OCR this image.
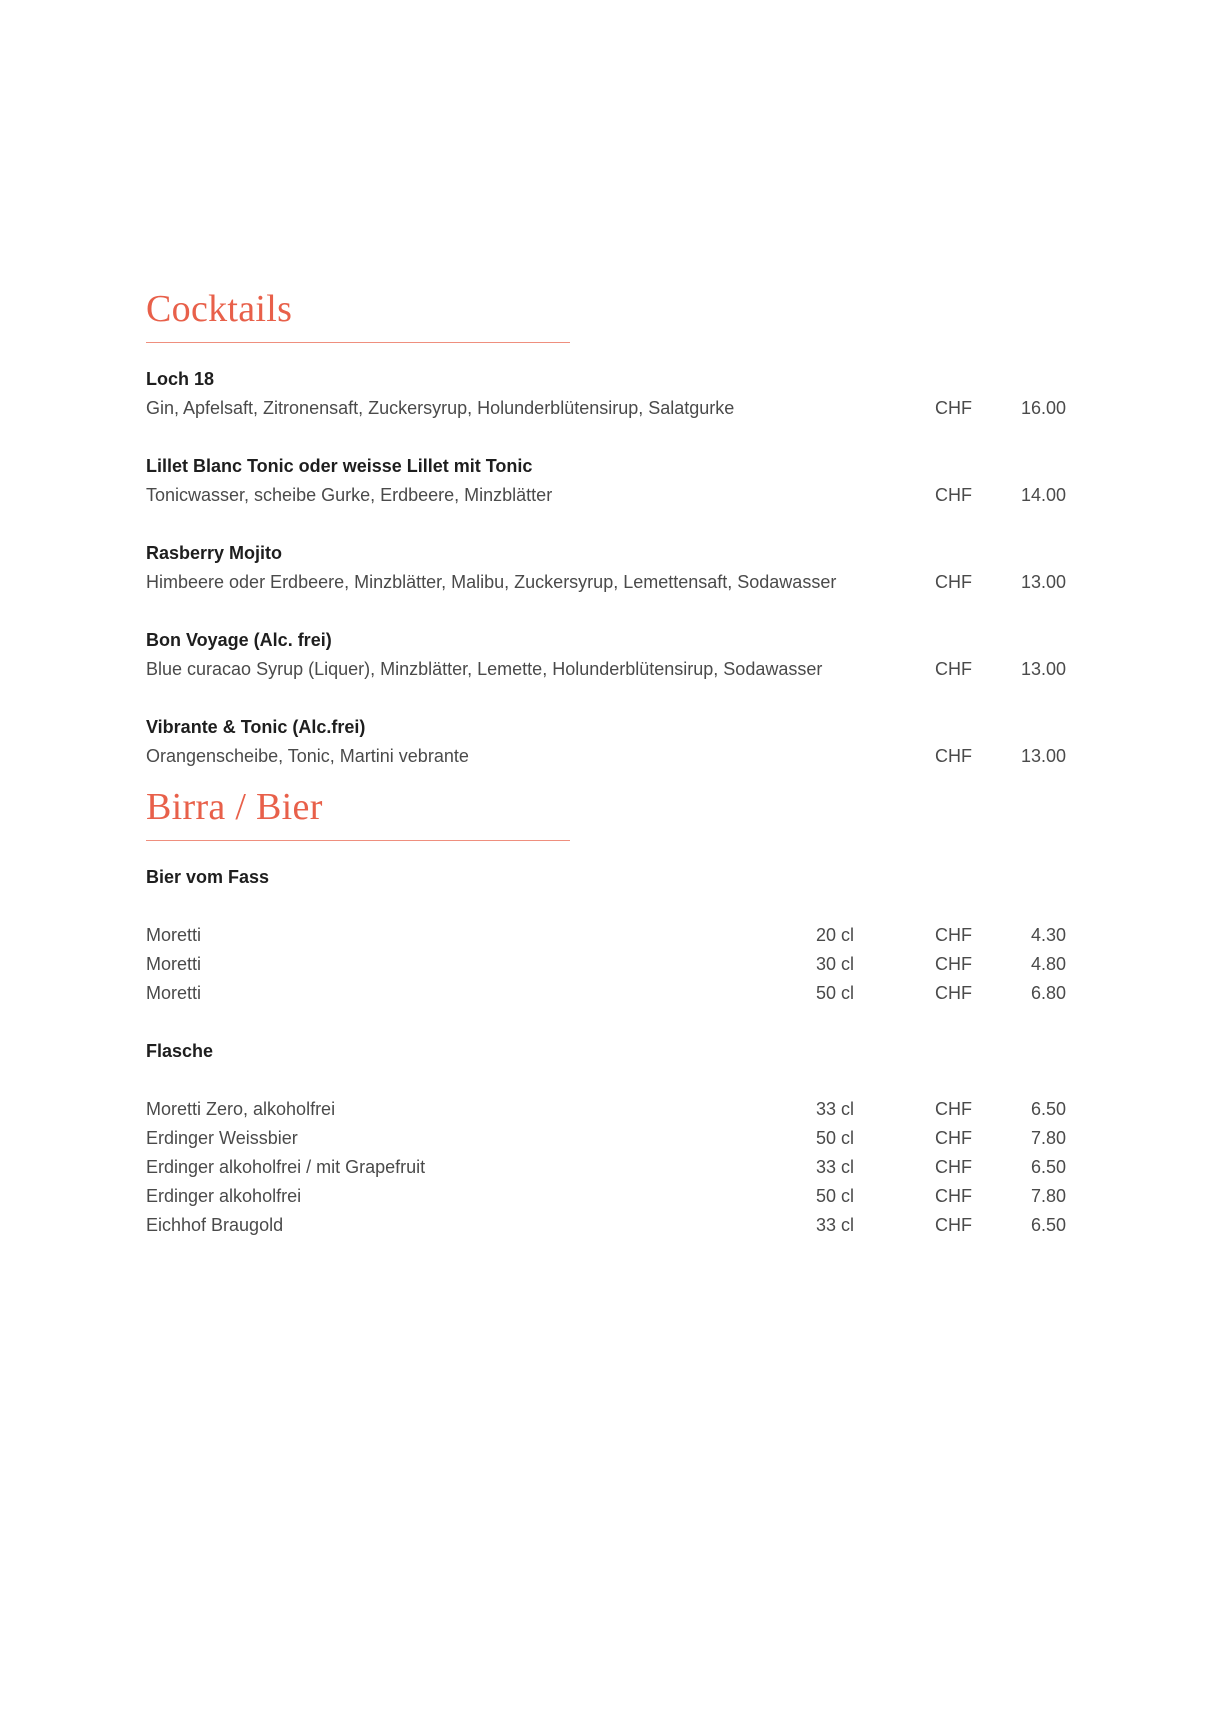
Cocktails
Loch 18
Gin, Apfelsaft, Zitronensaft, Zuckersyrup, Holunderblütensirup, Salatgurke	CHF	16.00
Lillet Blanc Tonic oder weisse Lillet mit Tonic
Tonicwasser, scheibe Gurke, Erdbeere, Minzblätter	CHF	14.00
Rasberry Mojito
Himbeere oder Erdbeere, Minzblätter, Malibu, Zuckersyrup, Lemettensaft, Sodawasser	CHF	13.00
Bon Voyage (Alc. frei)
Blue curacao Syrup (Liquer), Minzblätter, Lemette, Holunderblütensirup, Sodawasser	CHF	13.00
Vibrante & Tonic (Alc.frei)
Orangenscheibe, Tonic, Martini vebrante	CHF	13.00
Birra / Bier
Bier vom Fass
Moretti	20 cl	CHF	4.30
Moretti	30 cl	CHF	4.80
Moretti	50 cl	CHF	6.80
Flasche
Moretti Zero, alkoholfrei	33 cl	CHF	6.50
Erdinger Weissbier	50 cl	CHF	7.80
Erdinger alkoholfrei / mit Grapefruit	33 cl	CHF	6.50
Erdinger alkoholfrei	50 cl	CHF	7.80
Eichhof Braugold	33 cl	CHF	6.50
